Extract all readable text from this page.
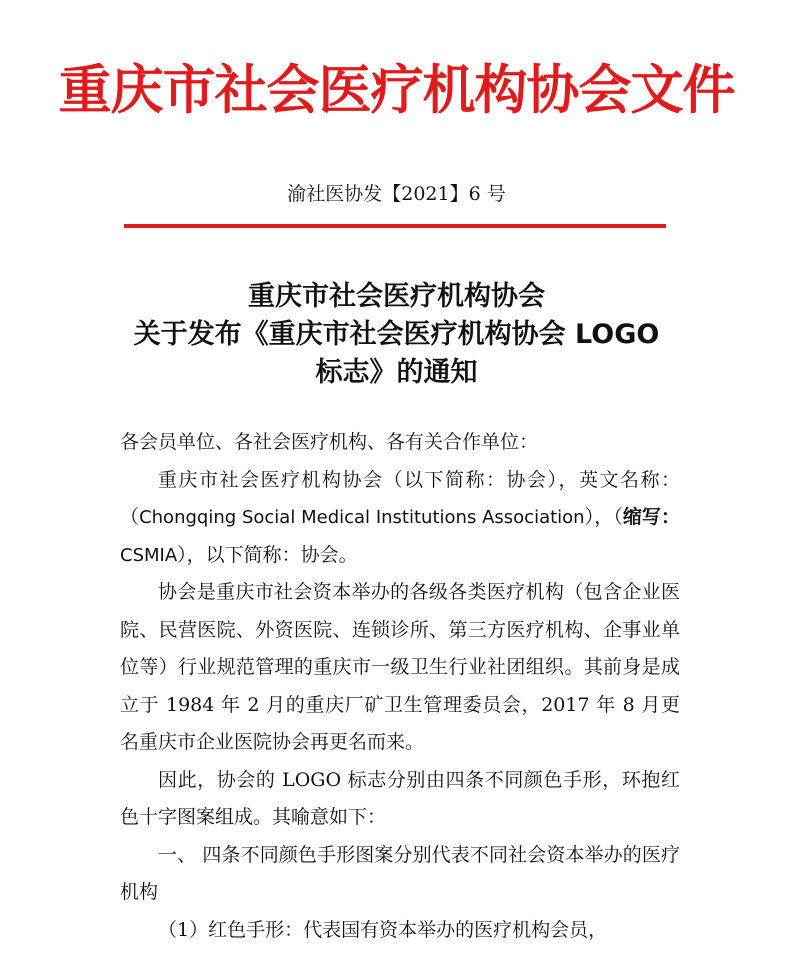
重庆市社会医疗机构协会文件
渝社医协发【2021】6 号
重庆市社会医疗机构协会
关于发布《重庆市社会医疗机构协会 LOGO
标志》的通知

各会员单位、各社会医疗机构、各有关合作单位：

重庆市社会医疗机构协会（以下简称：协会），英文名称：（Chongqing Social Medical Institutions Association），（缩写：CSMIA），以下简称：协会。

协会是重庆市社会资本举办的各级各类医疗机构（包含企业医院、民营医院、外资医院、连锁诊所、第三方医疗机构、企事业单位等）行业规范管理的重庆市一级卫生行业社团组织。其前身是成立于 1984 年 2 月的重庆厂矿卫生管理委员会，2017 年 8 月更名重庆市企业医院协会再更名而来。

因此，协会的 LOGO 标志分别由四条不同颜色手形，环抱红色十字图案组成。其喻意如下：

一、 四条不同颜色手形图案分别代表不同社会资本举办的医疗机构

（1）红色手形：代表国有资本举办的医疗机构会员，
